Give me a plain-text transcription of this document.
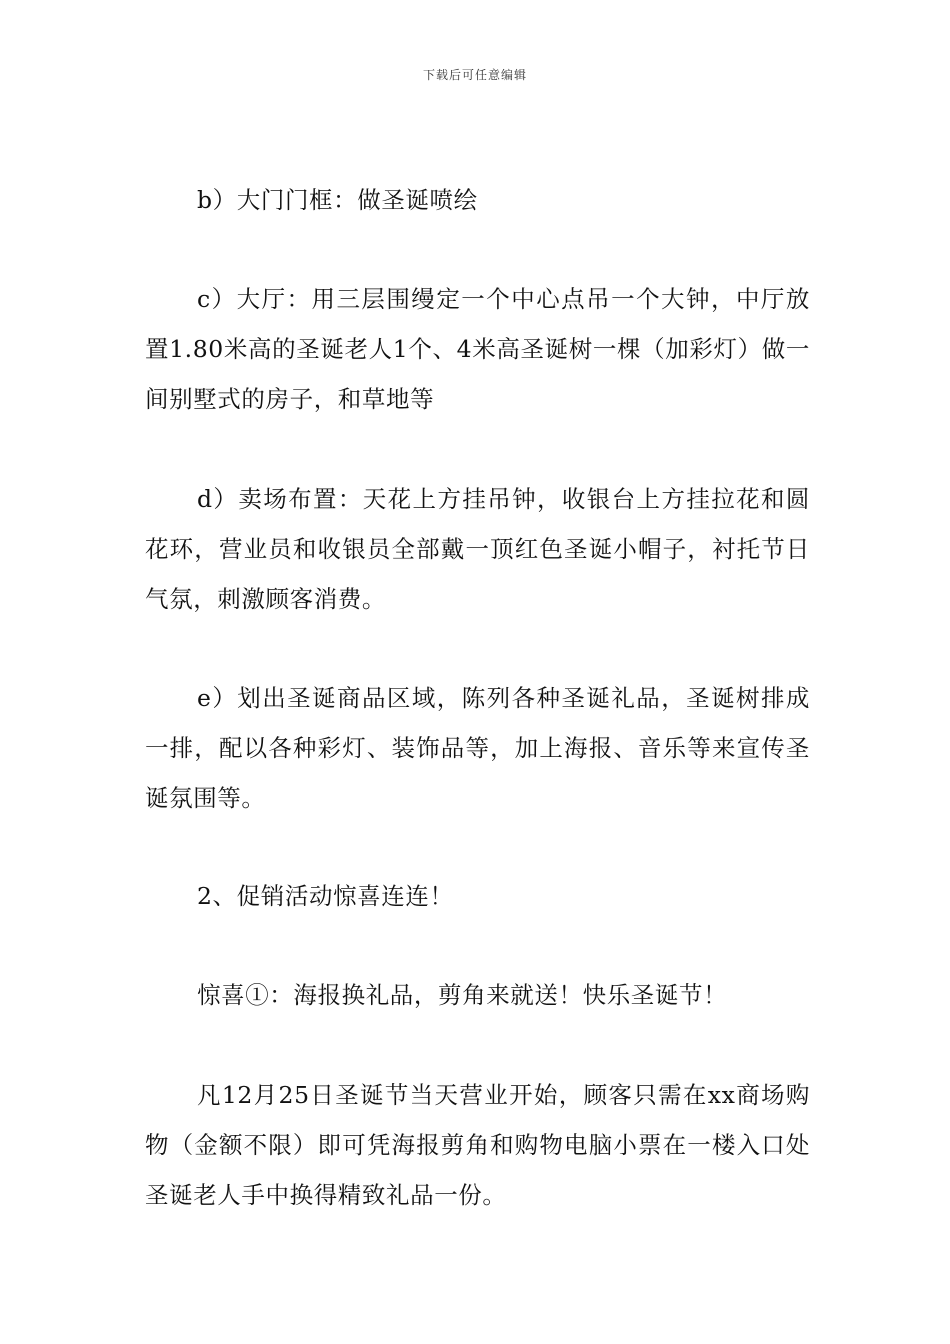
下载后可任意编辑

b）大门门框：做圣诞喷绘

c）大厅：用三层围缦定一个中心点吊一个大钟，中厅放置1.80米高的圣诞老人1个、4米高圣诞树一棵（加彩灯）做一间别墅式的房子，和草地等

d）卖场布置：天花上方挂吊钟，收银台上方挂拉花和圆花环，营业员和收银员全部戴一顶红色圣诞小帽子，衬托节日气氛，刺激顾客消费。

e）划出圣诞商品区域，陈列各种圣诞礼品，圣诞树排成一排，配以各种彩灯、装饰品等，加上海报、音乐等来宣传圣诞氛围等。

2、促销活动惊喜连连！

惊喜①：海报换礼品，剪角来就送！快乐圣诞节！

凡12月25日圣诞节当天营业开始，顾客只需在xx商场购物（金额不限）即可凭海报剪角和购物电脑小票在一楼入口处圣诞老人手中换得精致礼品一份。
